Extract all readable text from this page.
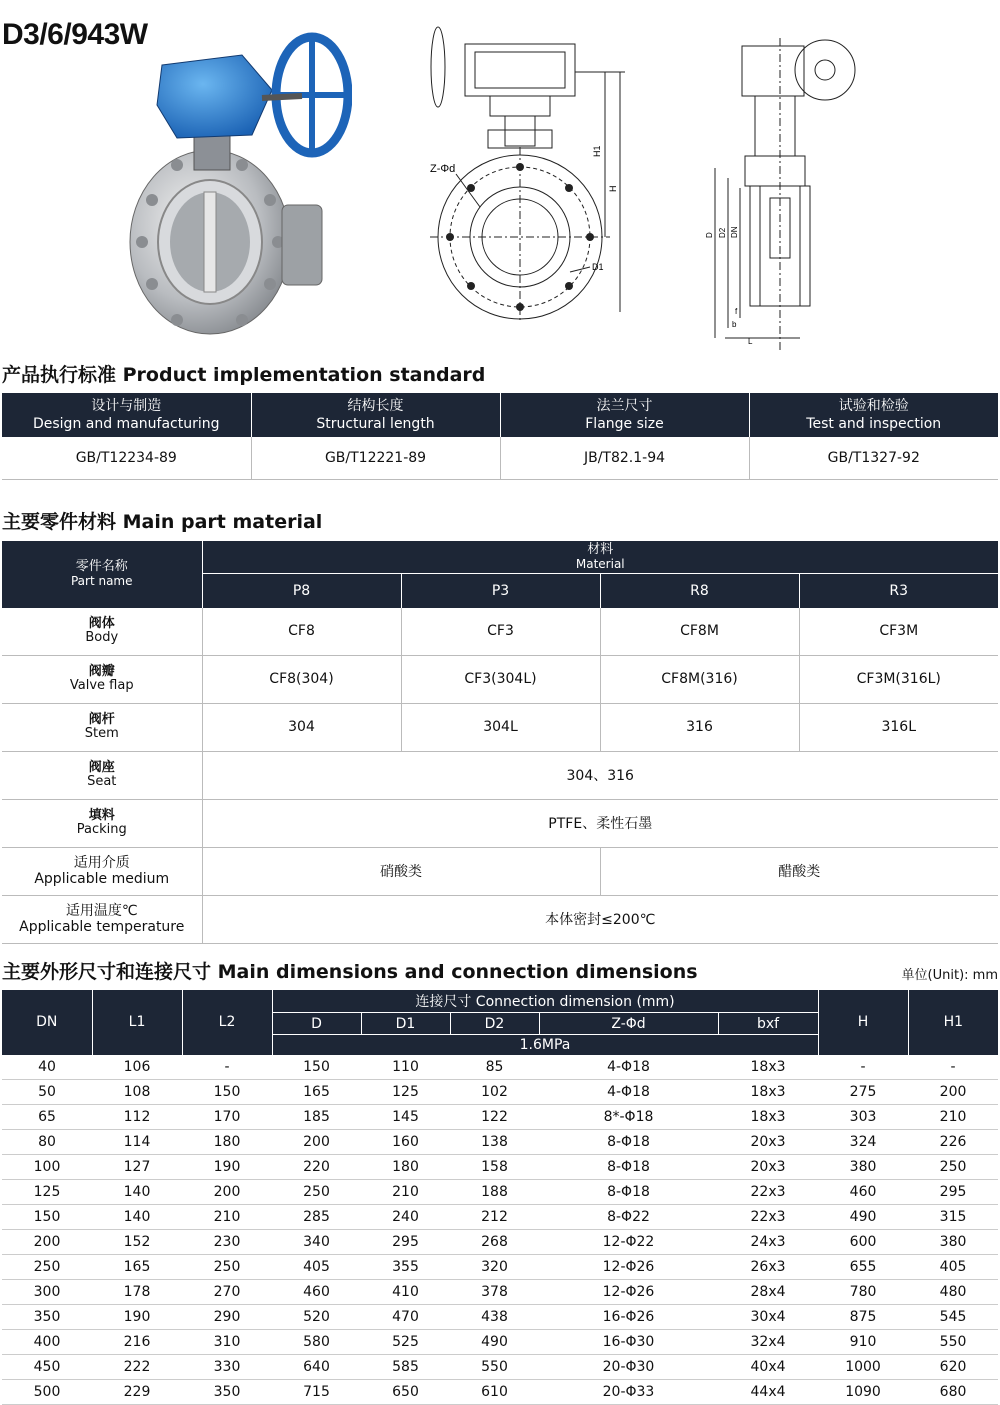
D3/6/943W
Z-Φd
H1
H
D1
D D2 DN
f
b
L
产品执行标准 Product implementation standard
设计与制造
Design and manufacturing	结构长度
Structural length	法兰尺寸
Flange size	试验和检验
Test and inspection
GB/T12234-89	GB/T12221-89	JB/T82.1-94	GB/T1327-92
主要零件材料 Main part material
零件名称
Part name	材料
Material			
	P8	P3	R8	R3

阀体
Body	CF8	CF3	CF8M	CF3M

阀瓣
Valve flap	CF8(304)	CF3(304L)	CF8M(316)	CF3M(316L)

阀杆
Stem	304	304L	316	316L

阀座
Seat	304、316			

填料
Packing	PTFE、柔性石墨			

适用介质
Applicable medium	硝酸类		醋酸类	

适用温度℃
Applicable temperature	本体密封≤200℃			
主要外形尺寸和连接尺寸 Main dimensions and connection dimensions	单位(Unit): mm
DN	L1	L2	连接尺寸 Connection dimension (mm)					H	H1
			D	D1	D2	Z-Φd	bxf		
			1.6MPa						
40	106	-	150	110	85	4-Φ18	18x3	-	-
50	108	150	165	125	102	4-Φ18	18x3	275	200
65	112	170	185	145	122	8*-Φ18	18x3	303	210
80	114	180	200	160	138	8-Φ18	20x3	324	226
100	127	190	220	180	158	8-Φ18	20x3	380	250
125	140	200	250	210	188	8-Φ18	22x3	460	295
150	140	210	285	240	212	8-Φ22	22x3	490	315
200	152	230	340	295	268	12-Φ22	24x3	600	380
250	165	250	405	355	320	12-Φ26	26x3	655	405
300	178	270	460	410	378	12-Φ26	28x4	780	480
350	190	290	520	470	438	16-Φ26	30x4	875	545
400	216	310	580	525	490	16-Φ30	32x4	910	550
450	222	330	640	585	550	20-Φ30	40x4	1000	620
500	229	350	715	650	610	20-Φ33	44x4	1090	680
